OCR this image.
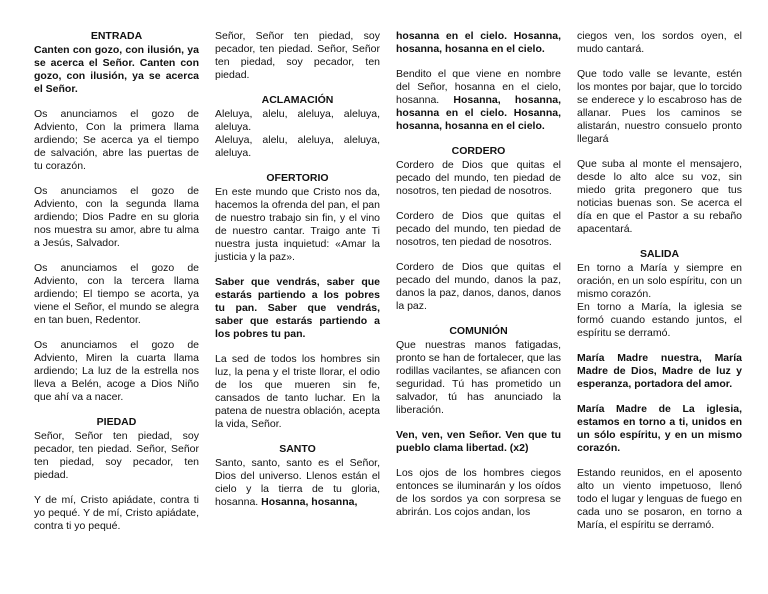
ENTRADA

Canten con gozo, con ilusión, ya se acerca el Señor. Canten con gozo, con ilusión, ya se acerca el Señor.

Os anunciamos el gozo de Adviento, Con la primera llama ardiendo; Se acerca ya el tiempo de salvación, abre las puertas de tu corazón.

Os anunciamos el gozo de Adviento, con la segunda llama ardiendo; Dios Padre en su gloria nos muestra su amor, abre tu alma a Jesús, Salvador.

Os anunciamos el gozo de Adviento, con la tercera llama ardiendo; El tiempo se acorta, ya viene el Señor, el mundo se alegra en tan buen, Redentor.

Os anunciamos el gozo de Adviento, Miren la cuarta llama ardiendo; La luz de la estrella nos lleva a Belén, acoge a Dios Niño que ahí va a nacer.

PIEDAD

Señor, Señor ten piedad, soy pecador, ten piedad. Señor, Señor ten piedad, soy pecador, ten piedad.

Y de mí, Cristo apiádate, contra ti yo pequé. Y de mí, Cristo apiádate, contra ti yo pequé.

Señor, Señor ten piedad, soy pecador, ten piedad. Señor, Señor ten piedad, soy pecador, ten piedad.

ACLAMACIÓN

Aleluya, alelu, aleluya, aleluya, aleluya.

Aleluya, alelu, aleluya, aleluya, aleluya.

OFERTORIO

En este mundo que Cristo nos da, hacemos la ofrenda del pan, el pan de nuestro trabajo sin fin, y el vino de nuestro cantar. Traigo ante Ti nuestra justa inquietud: «Amar la justicia y la paz».

Saber que vendrás, saber que estarás partiendo a los pobres tu pan. Saber que vendrás, saber que estarás partiendo a los pobres tu pan.

La sed de todos los hombres sin luz, la pena y el triste llorar, el odio de los que mueren sin fe, cansados de tanto luchar. En la patena de nuestra oblación, acepta la vida, Señor.

SANTO

Santo, santo, santo es el Señor, Dios del universo. Llenos están el cielo y la tierra de tu gloria, hosanna. Hosanna, hosanna,

hosanna en el cielo. Hosanna, hosanna, hosanna en el cielo.

Bendito el que viene en nombre del Señor, hosanna en el cielo, hosanna. Hosanna, hosanna, hosanna en el cielo. Hosanna, hosanna, hosanna en el cielo.

CORDERO

Cordero de Dios que quitas el pecado del mundo, ten piedad de nosotros, ten piedad de nosotros.

Cordero de Dios que quitas el pecado del mundo, ten piedad de nosotros, ten piedad de nosotros.

Cordero de Dios que quitas el pecado del mundo, danos la paz, danos la paz, danos, danos, danos la paz.

COMUNIÓN

Que nuestras manos fatigadas, pronto se han de fortalecer, que las rodillas vacilantes, se afiancen con seguridad. Tú has prometido un salvador, tú has anunciado la liberación.

Ven, ven, ven Señor. Ven que tu pueblo clama libertad. (x2)

Los ojos de los hombres ciegos entonces se iluminarán y los oídos de los sordos ya con sorpresa se abrirán. Los cojos andan, los

ciegos ven, los sordos oyen, el mudo cantará.

Que todo valle se levante, estén los montes por bajar, que lo torcido se enderece y lo escabroso has de allanar. Pues los caminos se alistarán, nuestro consuelo pronto llegará

Que suba al monte el mensajero, desde lo alto alce su voz, sin miedo grita pregonero que tus noticias buenas son. Se acerca el día en que el Pastor a su rebaño apacentará.

SALIDA

En torno a María y siempre en oración, en un solo espíritu, con un mismo corazón.

En torno a María, la iglesia se formó cuando estando juntos, el espíritu se derramó.

María Madre nuestra, María Madre de Dios, Madre de luz y esperanza, portadora del amor.

María Madre de La iglesia, estamos en torno a ti, unidos en un sólo espíritu, y en un mismo corazón.

Estando reunidos, en el aposento alto un viento impetuoso, llenó todo el lugar y lenguas de fuego en cada uno se posaron, en torno a María, el espíritu se derramó.
